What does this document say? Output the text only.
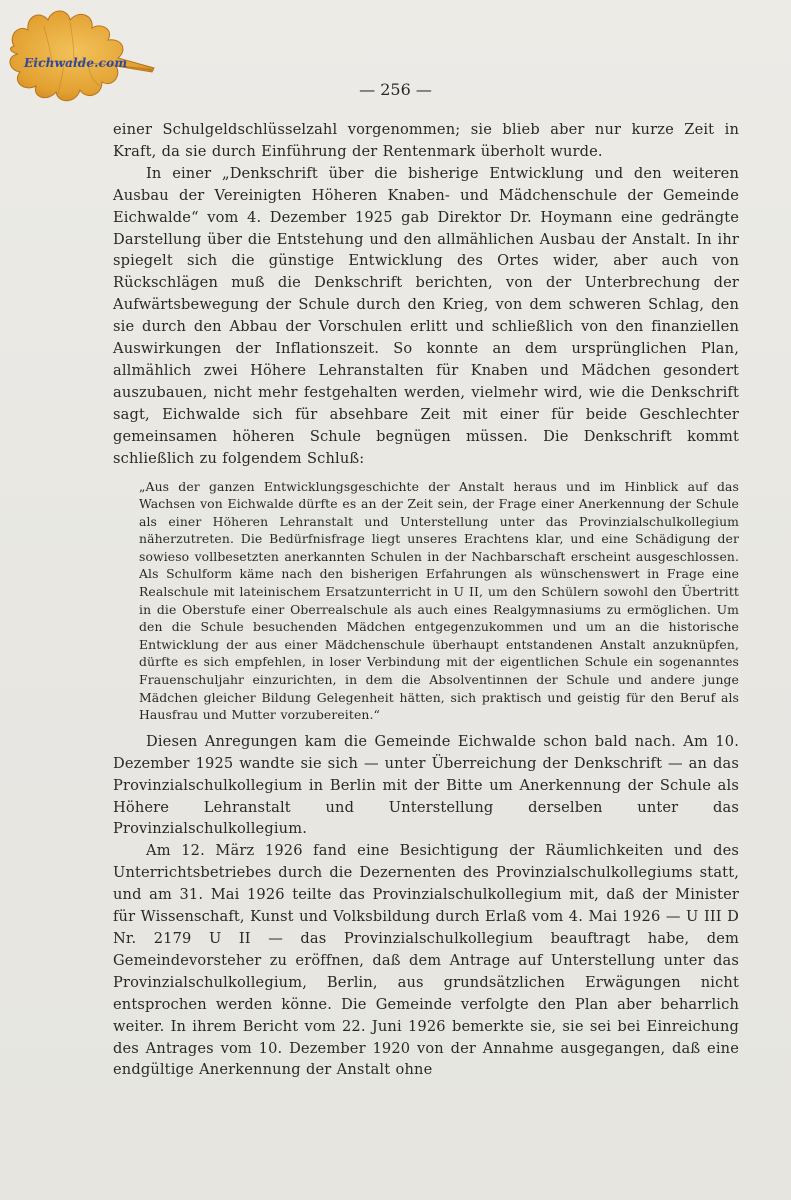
Eichwalde.com
— 256 —

einer Schulgeldschlüsselzahl vorgenommen; sie blieb aber nur kurze Zeit in Kraft, da sie durch Einführung der Rentenmark überholt wurde.

In einer „Denkschrift über die bisherige Entwicklung und den weiteren Ausbau der Vereinigten Höheren Knaben- und Mädchenschule der Gemeinde Eichwalde“ vom 4. Dezember 1925 gab Direktor Dr. Hoymann eine gedrängte Darstellung über die Entstehung und den allmählichen Ausbau der Anstalt. In ihr spiegelt sich die günstige Entwicklung des Ortes wider, aber auch von Rückschlägen muß die Denkschrift berichten, von der Unterbrechung der Aufwärtsbewegung der Schule durch den Krieg, von dem schweren Schlag, den sie durch den Abbau der Vorschulen erlitt und schließlich von den finanziellen Auswirkungen der Inflationszeit. So konnte an dem ursprünglichen Plan, allmählich zwei Höhere Lehranstalten für Knaben und Mädchen gesondert auszubauen, nicht mehr festgehalten werden, vielmehr wird, wie die Denkschrift sagt, Eichwalde sich für absehbare Zeit mit einer für beide Geschlechter gemeinsamen höheren Schule begnügen müssen. Die Denkschrift kommt schließlich zu folgendem Schluß:

„Aus der ganzen Entwicklungsgeschichte der Anstalt heraus und im Hinblick auf das Wachsen von Eichwalde dürfte es an der Zeit sein, der Frage einer Anerkennung der Schule als einer Höheren Lehranstalt und Unterstellung unter das Provinzialschulkollegium näherzutreten. Die Bedürfnisfrage liegt unseres Erachtens klar, und eine Schädigung der sowieso vollbesetzten anerkannten Schulen in der Nachbarschaft erscheint ausgeschlossen. Als Schulform käme nach den bisherigen Erfahrungen als wünschenswert in Frage eine Realschule mit lateinischem Ersatzunterricht in U II, um den Schülern sowohl den Übertritt in die Oberstufe einer Oberrealschule als auch eines Realgymnasiums zu ermöglichen. Um den die Schule besuchenden Mädchen entgegenzukommen und um an die historische Entwicklung der aus einer Mädchenschule überhaupt entstandenen Anstalt anzuknüpfen, dürfte es sich empfehlen, in loser Verbindung mit der eigentlichen Schule ein sogenanntes Frauenschuljahr einzurichten, in dem die Absolventinnen der Schule und andere junge Mädchen gleicher Bildung Gelegenheit hätten, sich praktisch und geistig für den Beruf als Hausfrau und Mutter vorzubereiten.“

Diesen Anregungen kam die Gemeinde Eichwalde schon bald nach. Am 10. Dezember 1925 wandte sie sich — unter Überreichung der Denkschrift — an das Provinzialschulkollegium in Berlin mit der Bitte um Anerkennung der Schule als Höhere Lehranstalt und Unterstellung derselben unter das Provinzialschulkollegium.

Am 12. März 1926 fand eine Besichtigung der Räumlichkeiten und des Unterrichtsbetriebes durch die Dezernenten des Provinzialschulkollegiums statt, und am 31. Mai 1926 teilte das Provinzialschulkollegium mit, daß der Minister für Wissenschaft, Kunst und Volksbildung durch Erlaß vom 4. Mai 1926 — U III D Nr. 2179 U II — das Provinzialschulkollegium beauftragt habe, dem Gemeindevorsteher zu eröffnen, daß dem Antrage auf Unterstellung unter das Provinzialschulkollegium, Berlin, aus grundsätzlichen Erwägungen nicht entsprochen werden könne. Die Gemeinde verfolgte den Plan aber beharrlich weiter. In ihrem Bericht vom 22. Juni 1926 bemerkte sie, sie sei bei Einreichung des Antrages vom 10. Dezember 1920 von der Annahme ausgegangen, daß eine endgültige Anerkennung der Anstalt ohne
